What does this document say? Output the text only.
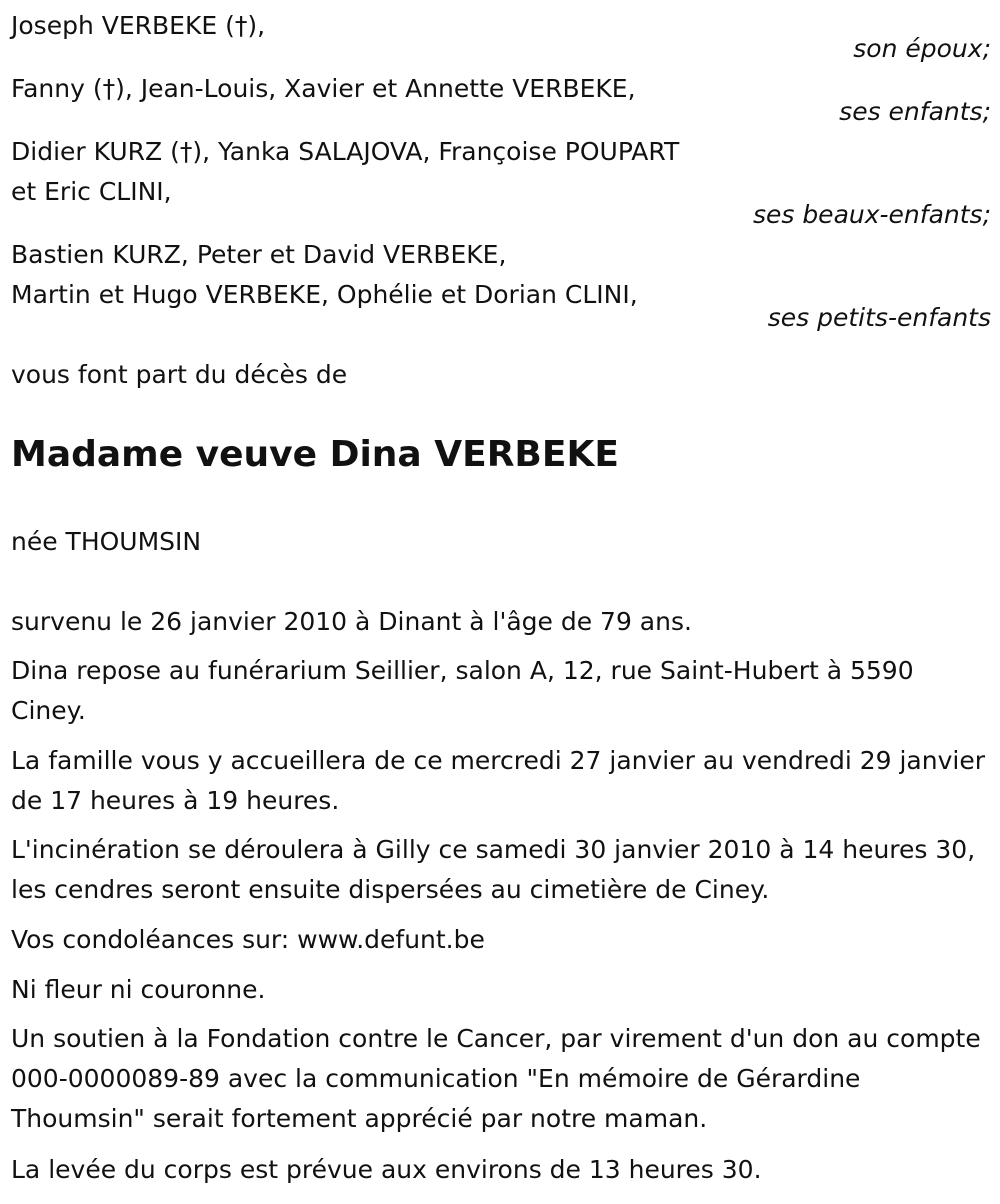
Joseph VERBEKE (†),
son époux;
Fanny (†), Jean-Louis, Xavier et Annette VERBEKE,
ses enfants;
Didier KURZ (†), Yanka SALAJOVA, Françoise POUPART
et Eric CLINI,
ses beaux-enfants;
Bastien KURZ, Peter et David VERBEKE,
Martin et Hugo VERBEKE, Ophélie et Dorian CLINI,
ses petits-enfants
vous font part du décès de
Madame veuve Dina VERBEKE
née THOUMSIN
survenu le 26 janvier 2010 à Dinant à l'âge de 79 ans.
Dina repose au funérarium Seillier, salon A, 12, rue Saint-Hubert à 5590 Ciney.
La famille vous y accueillera de ce mercredi 27 janvier au vendredi 29 janvier de 17 heures à 19 heures.
L'incinération se déroulera à Gilly ce samedi 30 janvier 2010 à 14 heures 30, les cendres seront ensuite dispersées au cimetière de Ciney.
Vos condoléances sur: www.defunt.be
Ni fleur ni couronne.
Un soutien à la Fondation contre le Cancer, par virement d'un don au compte 000-0000089-89 avec la communication "En mémoire de Gérardine Thoumsin" serait fortement apprécié par notre maman.
La levée du corps est prévue aux environs de 13 heures 30.
